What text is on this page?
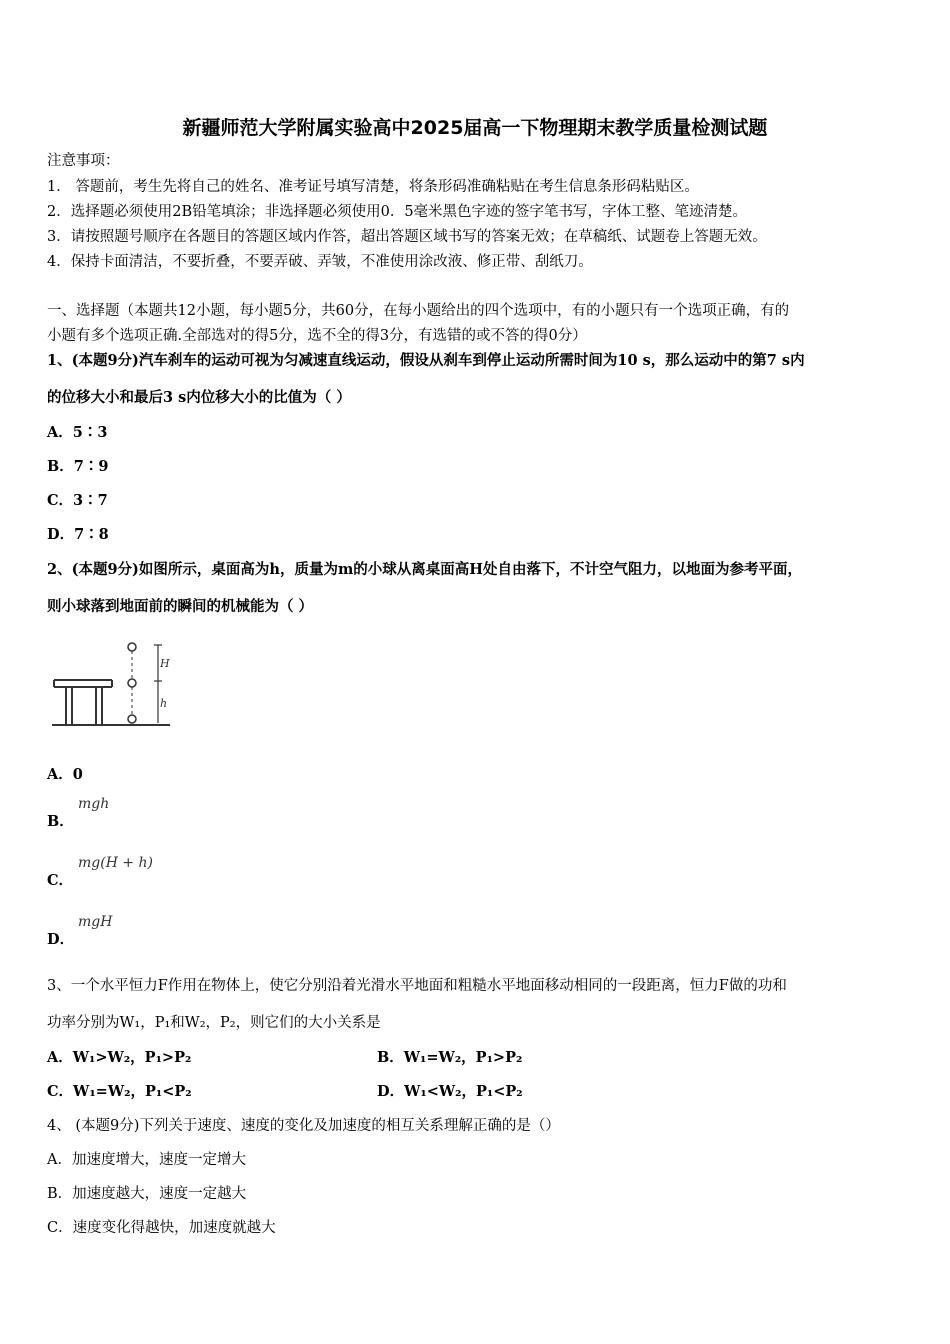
新疆师范大学附属实验高中2025届高一下物理期末教学质量检测试题
注意事项：
1． 答题前，考生先将自己的姓名、准考证号填写清楚，将条形码准确粘贴在考生信息条形码粘贴区。
2．选择题必须使用2B铅笔填涂；非选择题必须使用0．5毫米黑色字迹的签字笔书写，字体工整、笔迹清楚。
3．请按照题号顺序在各题目的答题区域内作答，超出答题区域书写的答案无效；在草稿纸、试题卷上答题无效。
4．保持卡面清洁，不要折叠，不要弄破、弄皱，不准使用涂改液、修正带、刮纸刀。
一、选择题（本题共12小题，每小题5分，共60分，在每小题给出的四个选项中，有的小题只有一个选项正确，有的
小题有多个选项正确.全部选对的得5分，选不全的得3分，有选错的或不答的得0分）
1、(本题9分)汽车刹车的运动可视为匀减速直线运动，假设从刹车到停止运动所需时间为10 s，那么运动中的第7 s内
的位移大小和最后3 s内位移大小的比值为（ ）
A．5∶3
B．7∶9
C．3∶7
D．7∶8
2、(本题9分)如图所示，桌面高为h，质量为m的小球从离桌面高H处自由落下，不计空气阻力，以地面为参考平面，
则小球落到地面前的瞬间的机械能为（ ）
H
h
A．0
mgh
B．
mg(H + h)
C．
mgH
D．
3、一个水平恒力F作用在物体上，使它分别沿着光滑水平地面和粗糙水平地面移动相同的一段距离，恒力F做的功和
功率分别为W₁，P₁和W₂，P₂，则它们的大小关系是
A．W₁>W₂，P₁>P₂	B．W₁=W₂，P₁>P₂
C．W₁=W₂，P₁<P₂	D．W₁<W₂，P₁<P₂
4、 (本题9分)下列关于速度、速度的变化及加速度的相互关系理解正确的是（）
A．加速度增大，速度一定增大
B．加速度越大，速度一定越大
C．速度变化得越快，加速度就越大
